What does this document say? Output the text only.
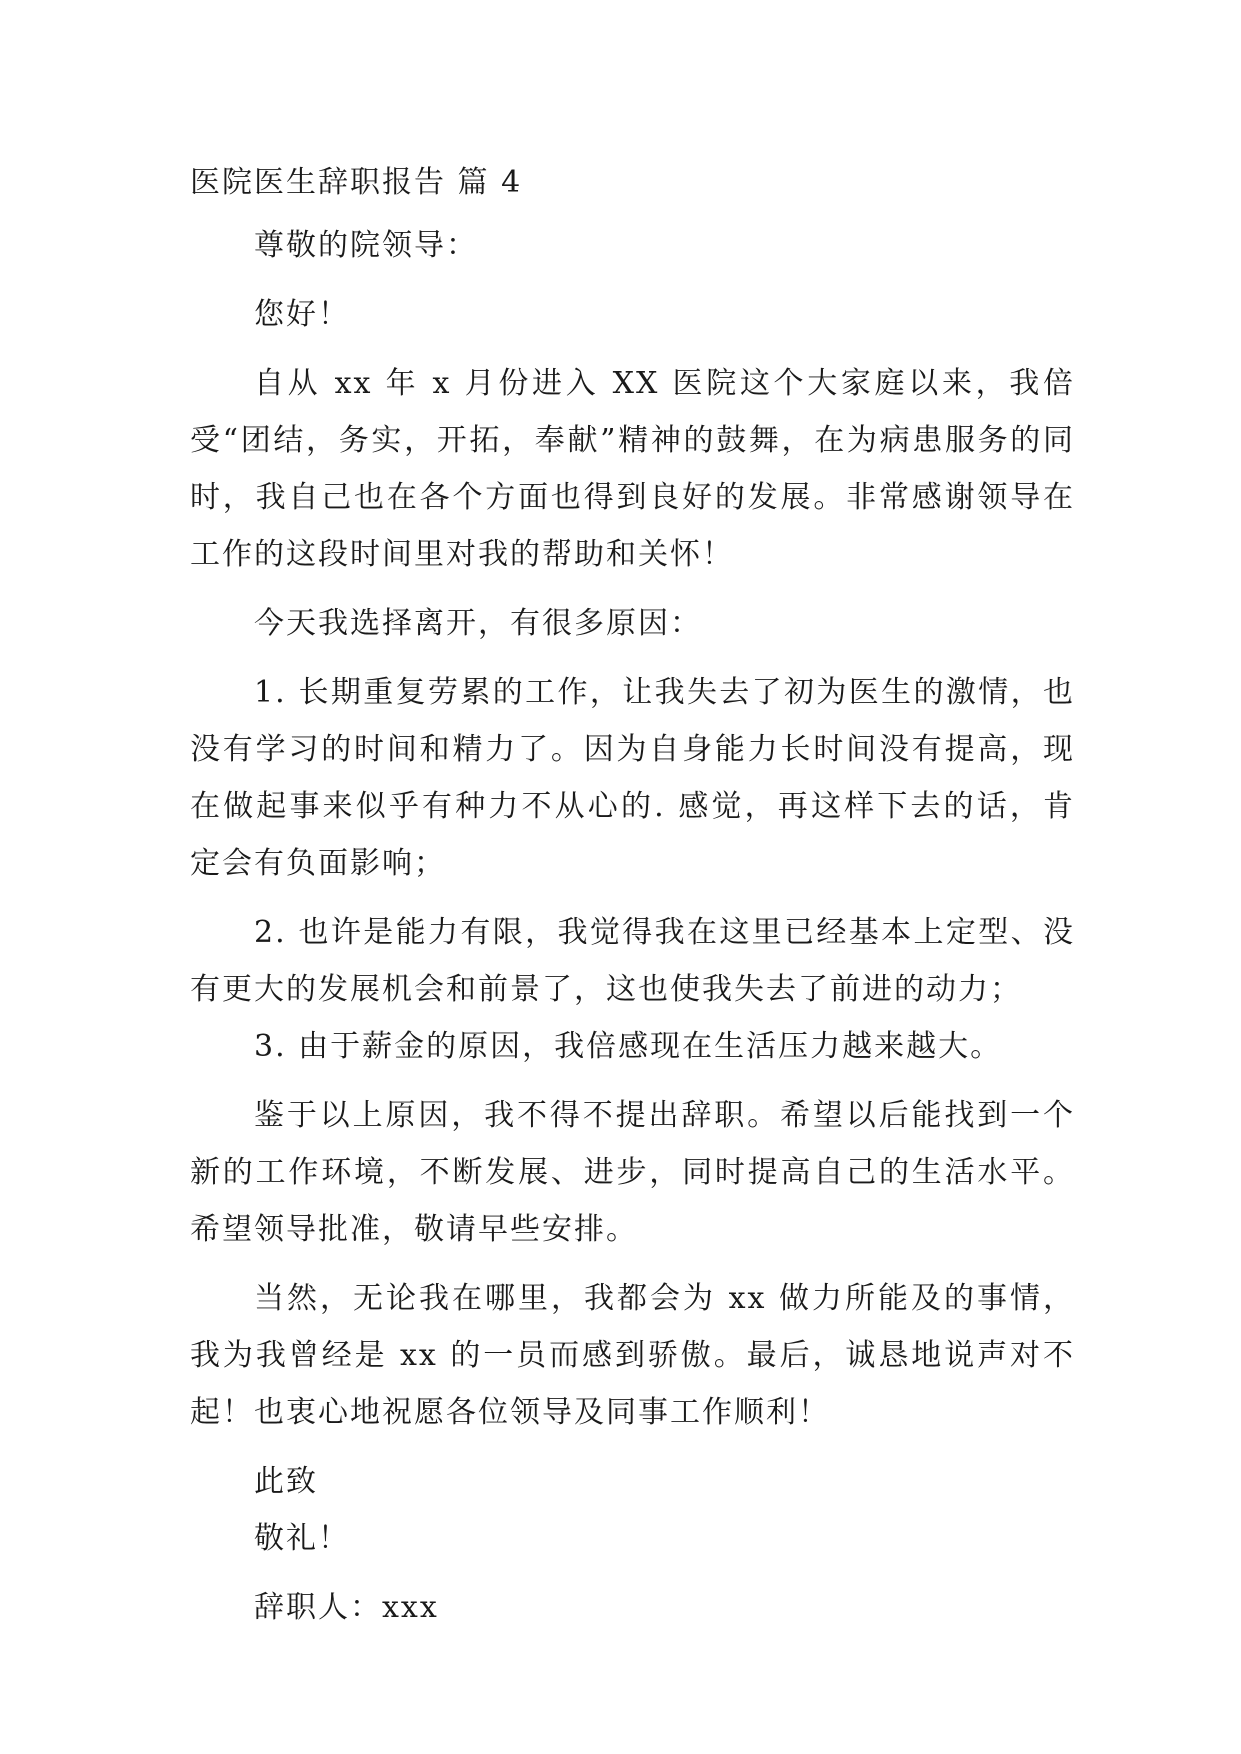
医院医生辞职报告 篇 4

尊敬的院领导：

您好！

自从 xx 年 x 月份进入 XX 医院这个大家庭以来，我倍受“团结，务实，开拓，奉献”精神的鼓舞，在为病患服务的同时，我自己也在各个方面也得到良好的发展。非常感谢领导在工作的这段时间里对我的帮助和关怀！

今天我选择离开，有很多原因：

1. 长期重复劳累的工作，让我失去了初为医生的激情，也没有学习的时间和精力了。因为自身能力长时间没有提高，现在做起事来似乎有种力不从心的. 感觉，再这样下去的话，肯定会有负面影响；

2. 也许是能力有限，我觉得我在这里已经基本上定型、没有更大的发展机会和前景了，这也使我失去了前进的动力；

3. 由于薪金的原因，我倍感现在生活压力越来越大。

鉴于以上原因，我不得不提出辞职。希望以后能找到一个新的工作环境，不断发展、进步，同时提高自己的生活水平。希望领导批准，敬请早些安排。

当然，无论我在哪里，我都会为 xx 做力所能及的事情，我为我曾经是 xx 的一员而感到骄傲。最后，诚恳地说声对不起！也衷心地祝愿各位领导及同事工作顺利！

此致

敬礼！

辞职人：xxx
